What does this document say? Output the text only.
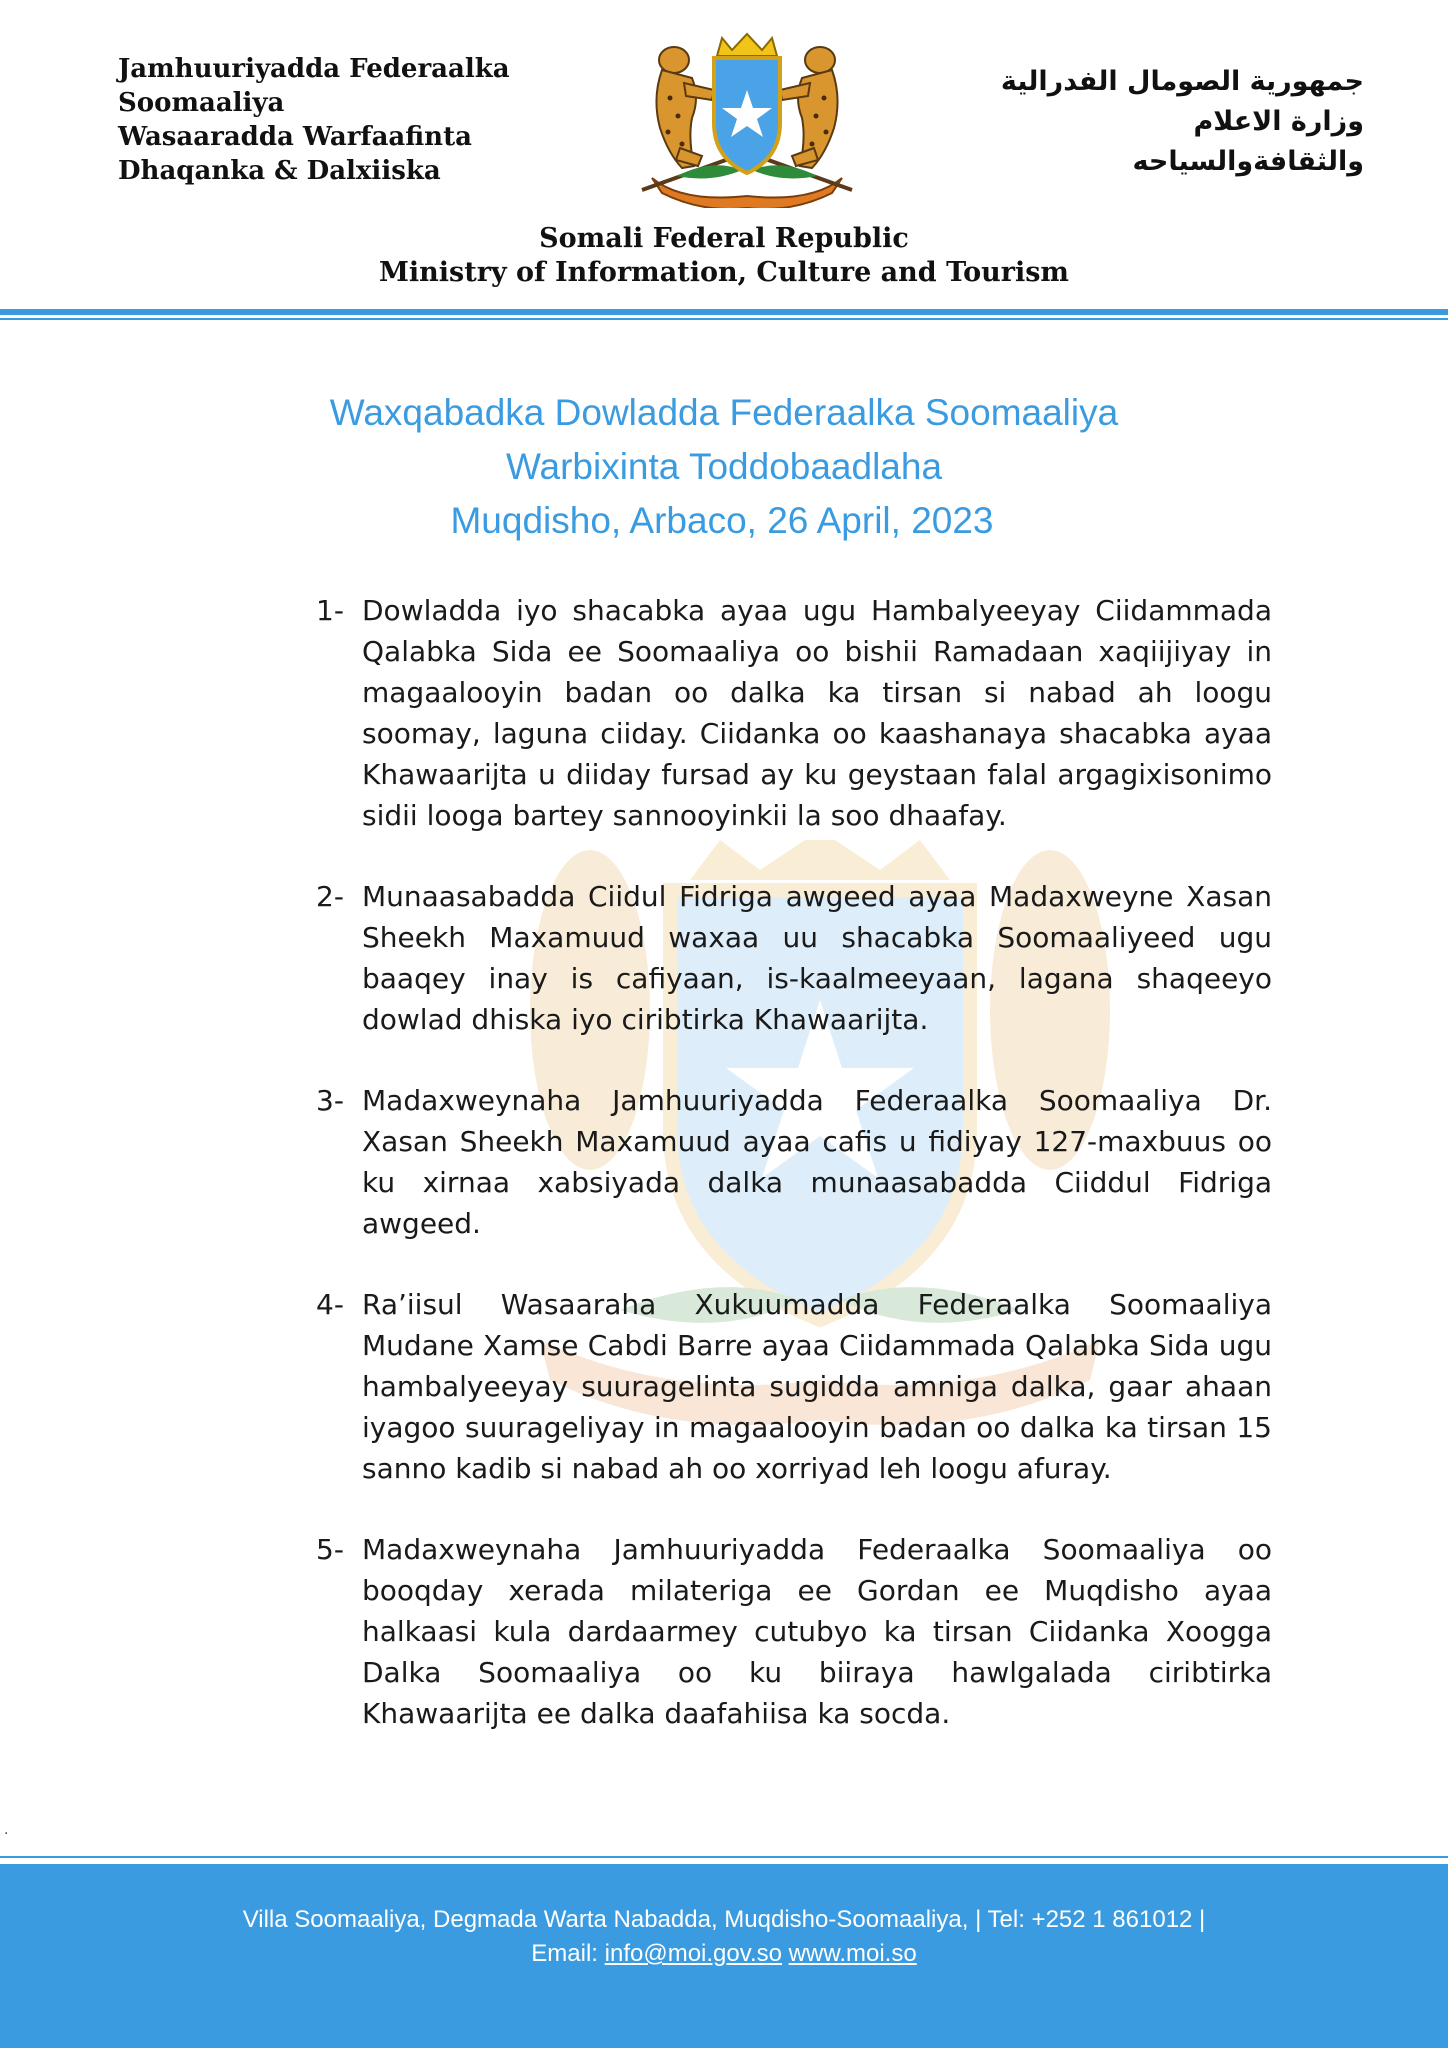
Jamhuuriyadda Federaalka
Soomaaliya
Wasaaradda Warfaafinta
Dhaqanka & Dalxiiska
جمهورية الصومال الفدرالية
وزارة الاعلام
والثقافةوالسياحه
Somali Federal Republic
Ministry of Information, Culture and Tourism
Waxqabadka Dowladda Federaalka Soomaaliya
Warbixinta Toddobaadlaha
Muqdisho, Arbaco, 26 April, 2023
1- Dowladda iyo shacabka ayaa ugu Hambalyeeyay Ciidammada Qalabka Sida ee Soomaaliya oo bishii Ramadaan xaqiijiyay in magaalooyin badan oo dalka ka tirsan si nabad ah loogu soomay, laguna ciiday. Ciidanka oo kaashanaya shacabka ayaa Khawaarijta u diiday fursad ay ku geystaan falal argagixisonimo sidii looga bartey sannooyinkii la soo dhaafay.
2- Munaasabadda Ciidul Fidriga awgeed ayaa Madaxweyne Xasan Sheekh Maxamuud waxaa uu shacabka Soomaaliyeed ugu baaqey inay is cafiyaan, is-kaalmeeyaan, lagana shaqeeyo dowlad dhiska iyo ciribtirka Khawaarijta.
3- Madaxweynaha Jamhuuriyadda Federaalka Soomaaliya Dr. Xasan Sheekh Maxamuud ayaa cafis u fidiyay 127-maxbuus oo ku xirnaa xabsiyada dalka munaasabadda Ciiddul Fidriga awgeed.
4- Ra’iisul Wasaaraha Xukuumadda Federaalka Soomaaliya Mudane Xamse Cabdi Barre ayaa Ciidammada Qalabka Sida ugu hambalyeeyay suuragelinta sugidda amniga dalka, gaar ahaan iyagoo suurageliyay in magaalooyin badan oo dalka ka tirsan 15 sanno kadib si nabad ah oo xorriyad leh loogu afuray.
5- Madaxweynaha Jamhuuriyadda Federaalka Soomaaliya oo booqday xerada milateriga ee Gordan ee Muqdisho ayaa halkaasi kula dardaarmey cutubyo ka tirsan Ciidanka Xoogga Dalka Soomaaliya oo ku biiraya hawlgalada ciribtirka Khawaarijta ee dalka daafahiisa ka socda.
.
Villa Soomaaliya, Degmada Warta Nabadda, Muqdisho-Soomaaliya, | Tel: +252 1 861012 |
Email: info@moi.gov.so www.moi.so
